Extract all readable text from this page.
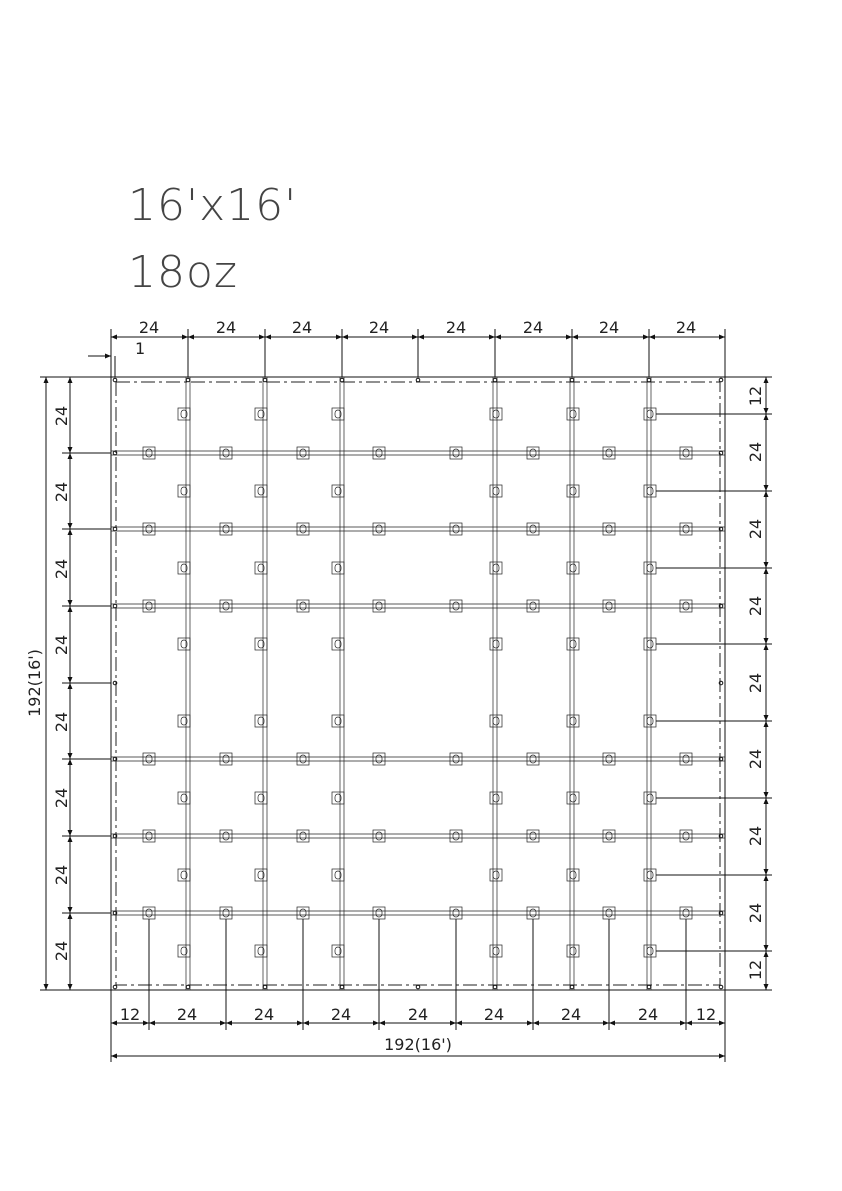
16'x16'
18oz
24	24	24	24	24	24	24	24
1
12 24	24	24	24	24	24	24 12
192(16')
24
24
24
24
24
24
24
24
192(16')
12
24
24
24
24
24
24
24
12
